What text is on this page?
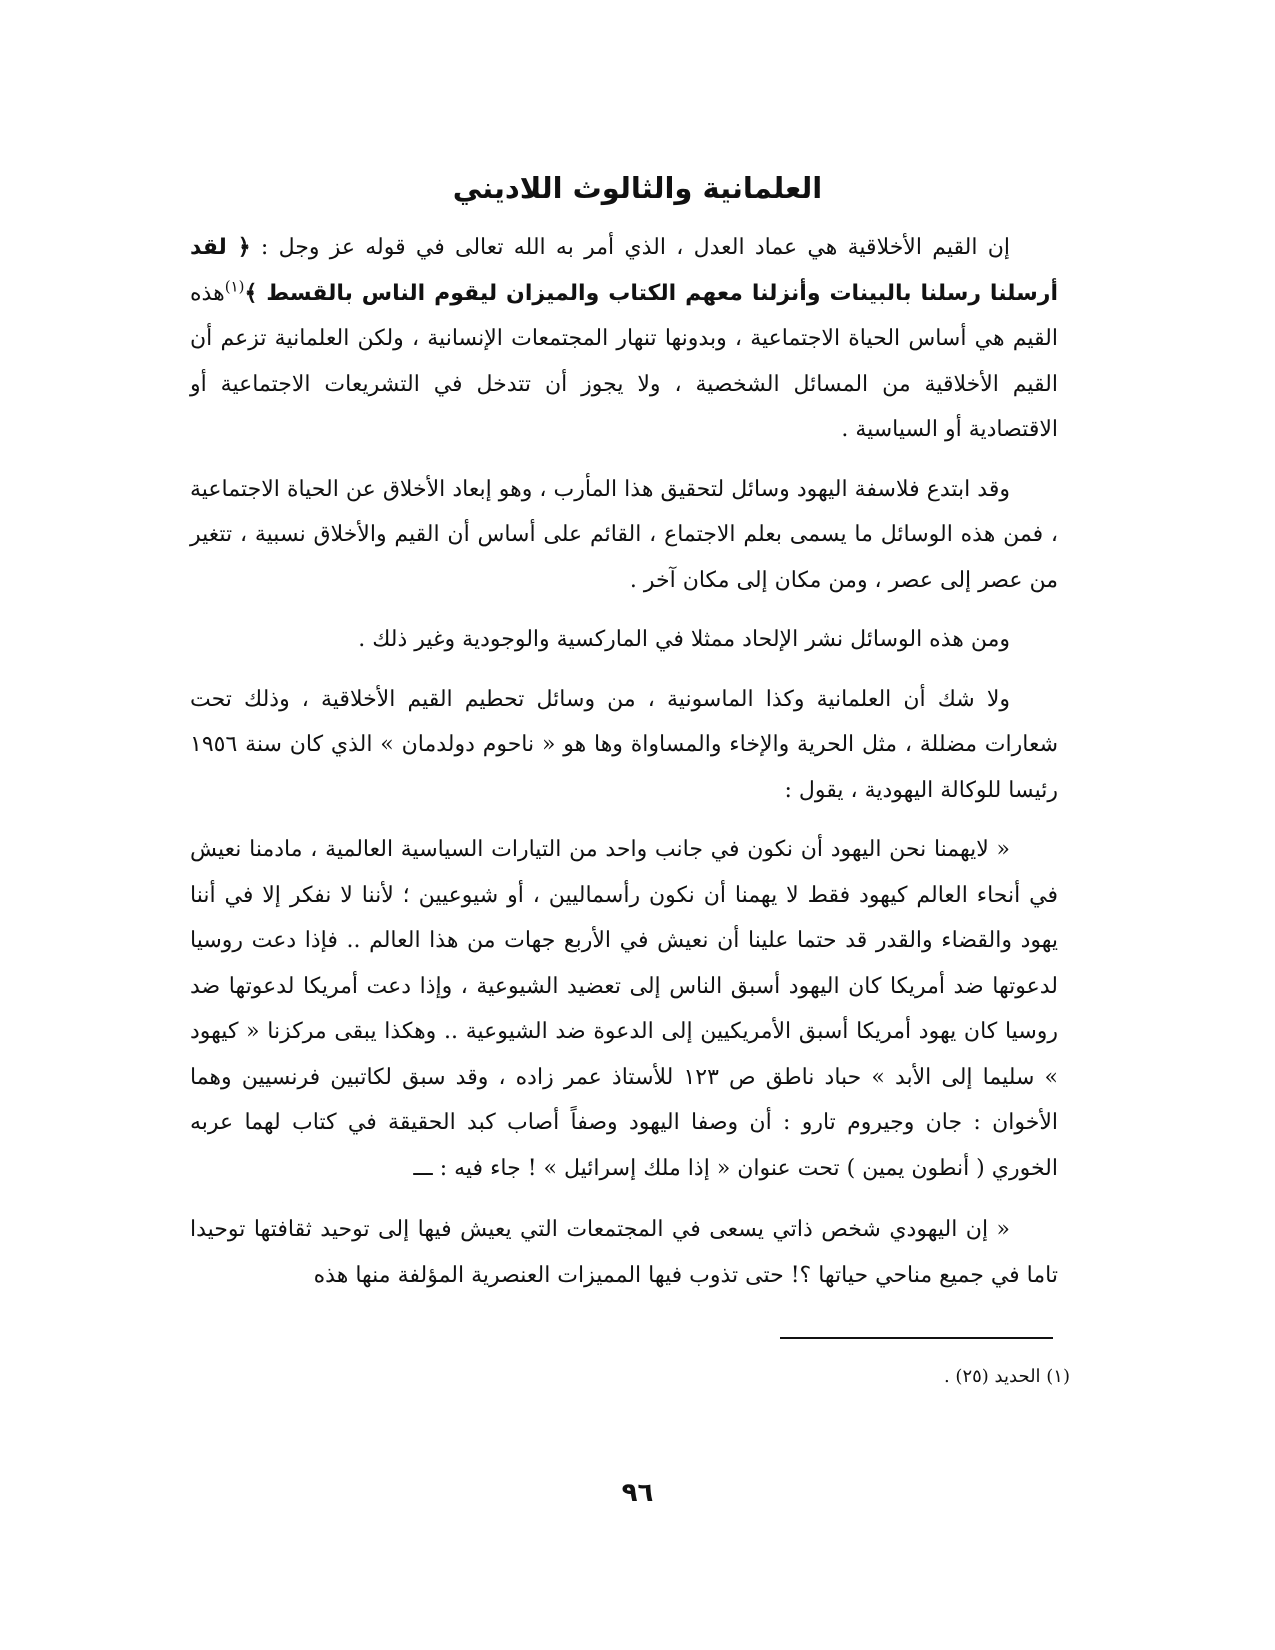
العلمانية والثالوث اللاديني

إن القيم الأخلاقية هي عماد العدل ، الذي أمر به الله تعالى في قوله عز وجل : ﴿ لقد أرسلنا رسلنا بالبينات وأنزلنا معهم الكتاب والميزان ليقوم الناس بالقسط ﴾$^{(١)}$هذه القيم هي أساس الحياة الاجتماعية ، وبدونها تنهار المجتمعات الإنسانية ، ولكن العلمانية تزعم أن القيم الأخلاقية من المسائل الشخصية ، ولا يجوز أن تتدخل في التشريعات الاجتماعية أو الاقتصادية أو السياسية .

وقد ابتدع فلاسفة اليهود وسائل لتحقيق هذا المأرب ، وهو إبعاد الأخلاق عن الحياة الاجتماعية ، فمن هذه الوسائل ما يسمى بعلم الاجتماع ، القائم على أساس أن القيم والأخلاق نسبية ، تتغير من عصر إلى عصر ، ومن مكان إلى مكان آخر .

ومن هذه الوسائل نشر الإلحاد ممثلا في الماركسية والوجودية وغير ذلك .

ولا شك أن العلمانية وكذا الماسونية ، من وسائل تحطيم القيم الأخلاقية ، وذلك تحت شعارات مضللة ، مثل الحرية والإخاء والمساواة وها هو « ناحوم دولدمان » الذي كان سنة ١٩٥٦ رئيسا للوكالة اليهودية ، يقول :

« لايهمنا نحن اليهود أن نكون في جانب واحد من التيارات السياسية العالمية ، مادمنا نعيش في أنحاء العالم كيهود فقط لا يهمنا أن نكون رأسماليين ، أو شيوعيين ؛ لأننا لا نفكر إلا في أننا يهود والقضاء والقدر قد حتما علينا أن نعيش في الأربع جهات من هذا العالم .. فإذا دعت روسيا لدعوتها ضد أمريكا كان اليهود أسبق الناس إلى تعضيد الشيوعية ، وإذا دعت أمريكا لدعوتها ضد روسيا كان يهود أمريكا أسبق الأمريكيين إلى الدعوة ضد الشيوعية .. وهكذا يبقى مركزنا « كيهود » سليما إلى الأبد » حباد ناطق ص ١٢٣ للأستاذ عمر زاده ، وقد سبق لكاتبين فرنسيين وهما الأخوان : جان وجيروم تارو : أن وصفا اليهود وصفاً أصاب كبد الحقيقة في كتاب لهما عربه الخوري ( أنطون يمين ) تحت عنوان « إذا ملك إسرائيل » ! جاء فيه : ـــ

« إن اليهودي شخص ذاتي يسعى في المجتمعات التي يعيش فيها إلى توحيد ثقافتها توحيدا تاما في جميع مناحي حياتها ؟! حتى تذوب فيها المميزات العنصرية المؤلفة منها هذه

(١) الحديد (٢٥) .
٩٦
